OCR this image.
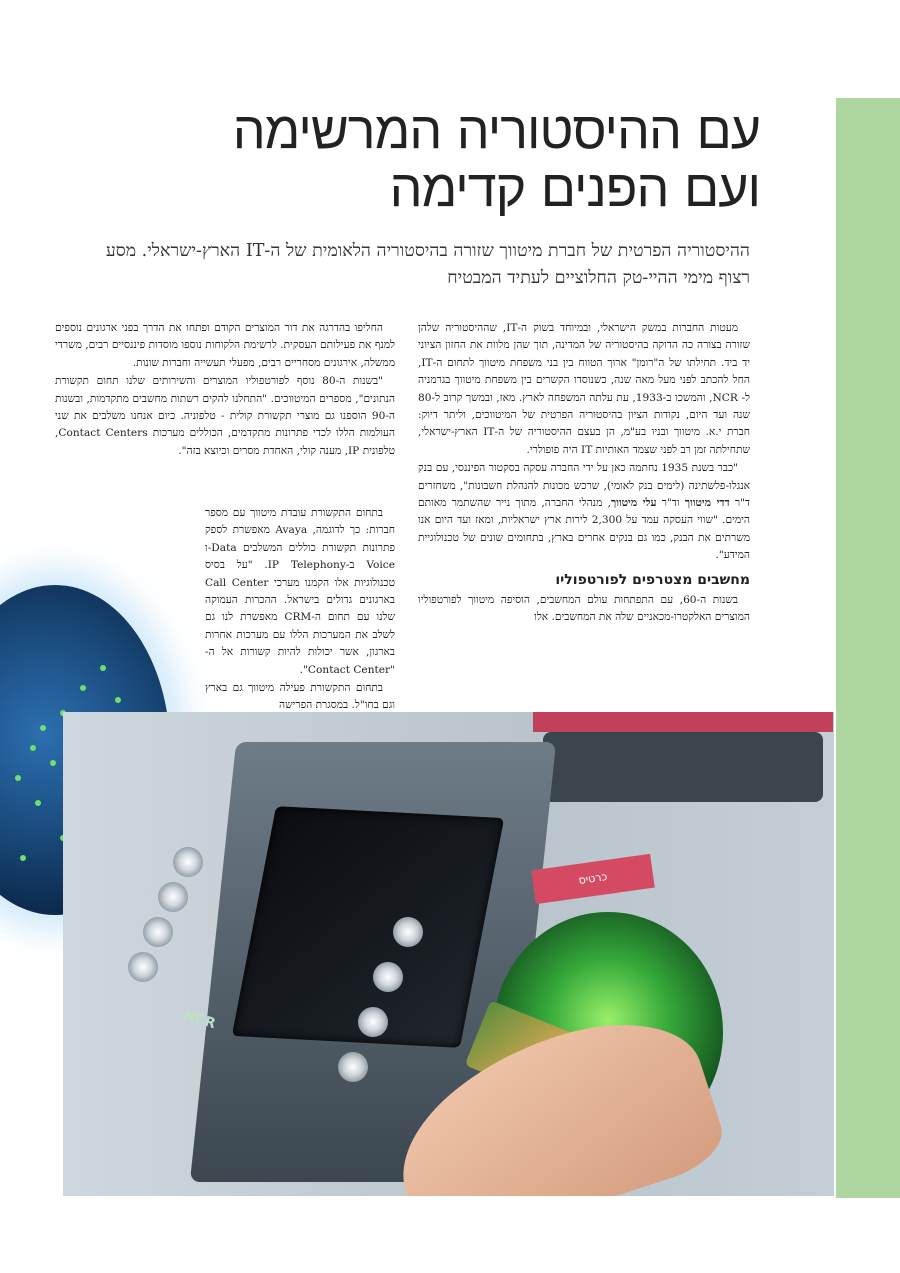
עם ההיסטוריה המרשימה
ועם הפנים קדימה
ההיסטוריה הפרטית של חברת מיטווך שזורה בהיסטוריה הלאומית של ה-IT הארץ-ישראלי. מסע רצוף מימי ההיי-טק החלוציים לעתיד המבטיח

מעטות החברות במשק הישראלי, ובמיוחד בשוק ה-IT, שההיסטוריה שלהן שזורה בצורה כה הדוקה בהיסטוריה של המדינה, תוך שהן מלוות את החזון הציוני יד ביד. תחילתו של ה"רומן" ארוך הטווח בין בני משפחת מיטווך לתחום ה-IT, החל להכתב לפני מעל מאה שנה, כשנוסדו הקשרים בין משפחת מיטווך בגרמניה ל- NCR, והמשכו ב-1933, עת עלתה המשפחה לארץ. מאז, ובמשך קרוב ל-80 שנה ועד היום, נקודות הציון בהיסטוריה הפרטית של המיטווכים, וליתר דיוק: חברת י.א. מיטווך ובניו בע"מ, הן בעצם ההיסטוריה של ה-IT הארץ-ישראלי, שתחילתה זמן רב לפני שצמד האותיות IT היה פופולרי.

"כבר בשנת 1935 נחתמה כאן על ידי החברה עסקה בסקטור הפיננסי, עם בנק אנגלו-פלשתינה (לימים בנק לאומי), שרכש מכונות להנהלת חשבונות", משחזרים ד"ר דדי מיטווך וד"ר עלי מיטווך, מנהלי החברה, מתוך נייר שהשתמר מאותם הימים. "שווי העסקה עמד על 2,300 לירות ארץ ישראליות, ומאז ועד היום אנו משרתים את הבנק, כמו גם בנקים אחרים בארץ, בתחומים שונים של טכנולוגיית המידע".

מחשבים מצטרפים לפורטפוליו

בשנות ה-60, עם התפתחות עולם המחשבים, הוסיפה מיטווך לפורטפוליו המוצרים האלקטרו-מכאניים שלה את המחשבים. אלו

החליפו בהדרגה את דור המוצרים הקודם ופתחו את הדרך בפני ארגונים נוספים למנף את פעילותם העסקית. לרשימת הלקוחות נוספו מוסדות פיננסיים רבים, משרדי ממשלה, אירגונים מסחריים רבים, מפעלי תעשייה וחברות שונות.

"בשנות ה-80 נוסף לפורטפוליו המוצרים והשירותים שלנו תחום תקשורת הנתונים", מספרים המיטווכים. "התחלנו להקים רשתות מחשבים מתקדמות, ובשנות ה-90 הוספנו גם מוצרי תקשורת קולית - טלפוניה. כיום אנחנו משלבים את שני העולמות הללו לכדי פתרונות מתקדמים, הכוללים מערכות Contact Centers, טלפונית IP, מענה קולי, האחדת מסרים וכיוצא בזה".

בתחום התקשורת עובדת מיטווך עם מספר חברות: כך לדוגמה, Avaya מאפשרת לספק פתרונות תקשורת כוללים המשלבים Data-ו Voice ב-IP Telephony. "על בסיס טכנולוגיות אלו הקמנו מערכי Call Center בארגונים גדולים בישראל. ההכרות העמוקה שלנו עם תחום ה-CRM מאפשרת לנו גם לשלב את המערכות הללו עם מערכות אחרות בארגון, אשר יכולות להיות קשורות אל ה-"Contact Center".

בתחום התקשורת פעילה מיטווך גם בארץ וגם בחו"ל. במסגרת הפרישה

NCR
כרטיס
